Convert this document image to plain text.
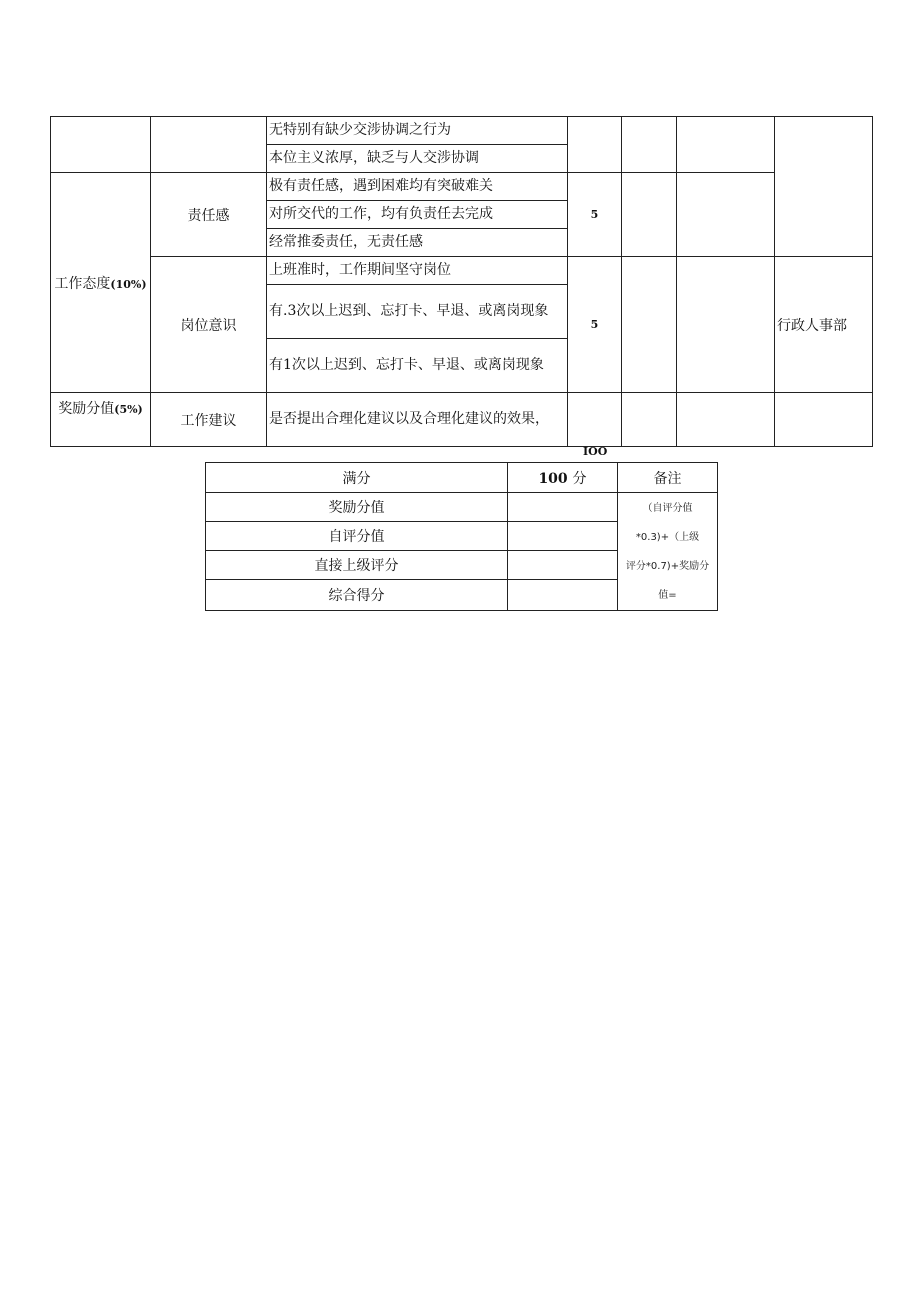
		无特别有缺少交涉协调之行为				
		本位主义浓厚，缺乏与人交涉协调				
工作态度(10%)	责任感	极有责任感，遇到困难均有突破难关	5			
		对所交代的工作，均有负责任去完成				
		经常推委责任，无责任感				
	岗位意识	上班准时，工作期间坚守岗位	5			行政人事部
		有.3次以上迟到、忘打卡、早退、或离岗现象				
		有1次以上迟到、忘打卡、早退、或离岗现象				
奖励分值(5%)	工作建议	是否提出合理化建议以及合理化建议的效果，				
IOO
满分	100 分	备注
奖励分值		（自评分值
*0.3)+（上级
评分*0.7)+奖励分
值=

自评分值		
直接上级评分		
综合得分		
